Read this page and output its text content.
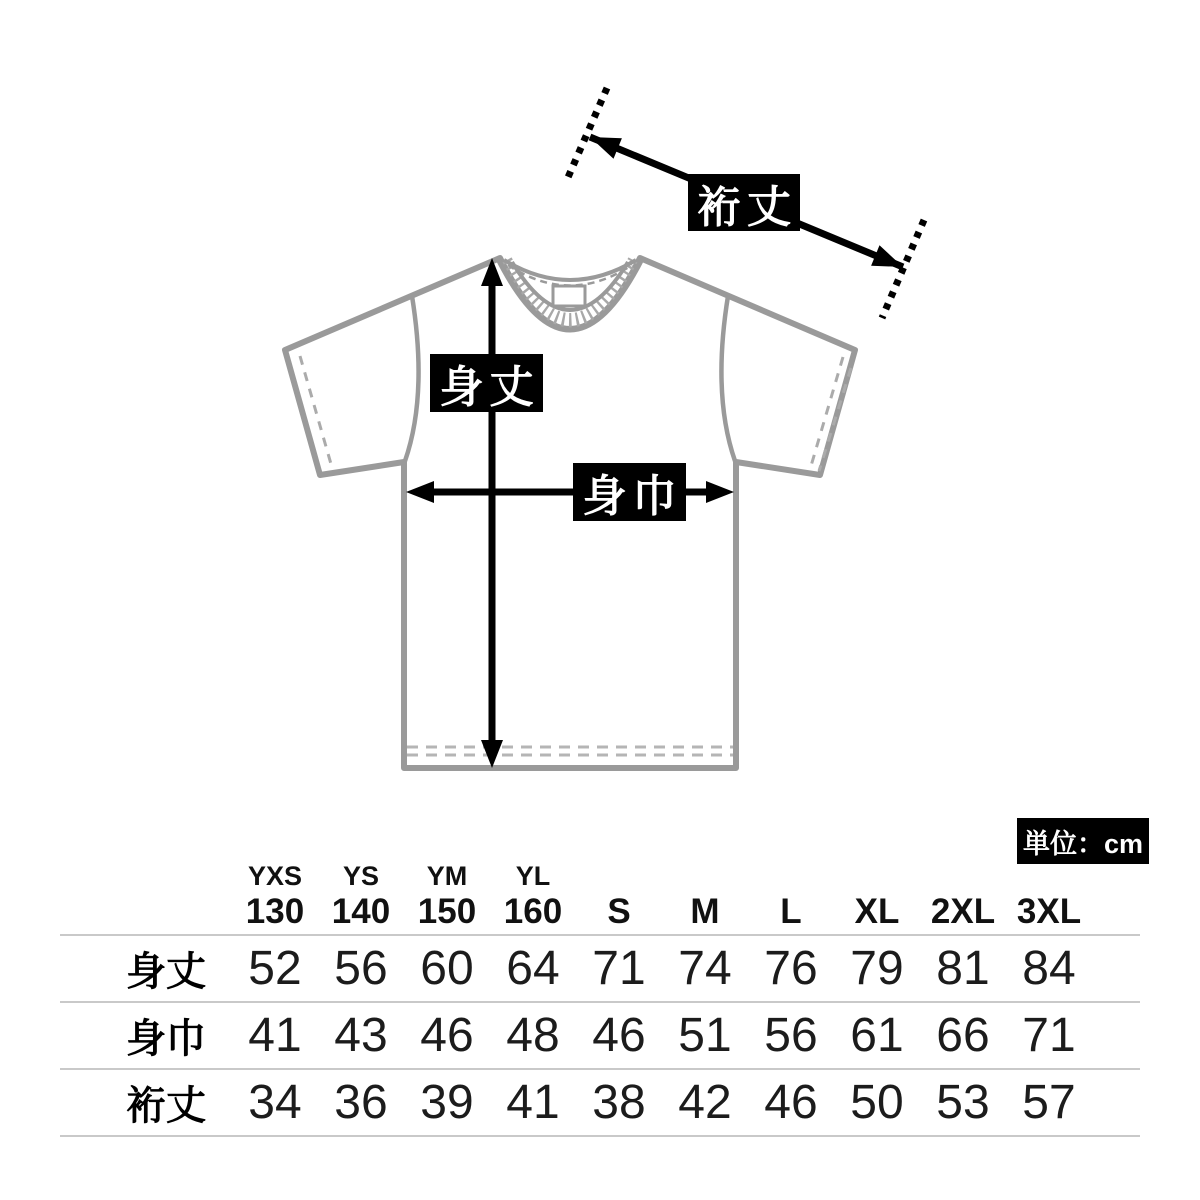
裄丈
身丈
身巾
単位：cm
YXS
130
YS
140
YM
150
YL
160 S M L XL 2XL 3XL
身丈 52 56 60 64 71 74 76 79 81 84
身巾 41 43 46 48 46 51 56 61 66 71
裄丈 34 36 39 41 38 42 46 50 53 57
